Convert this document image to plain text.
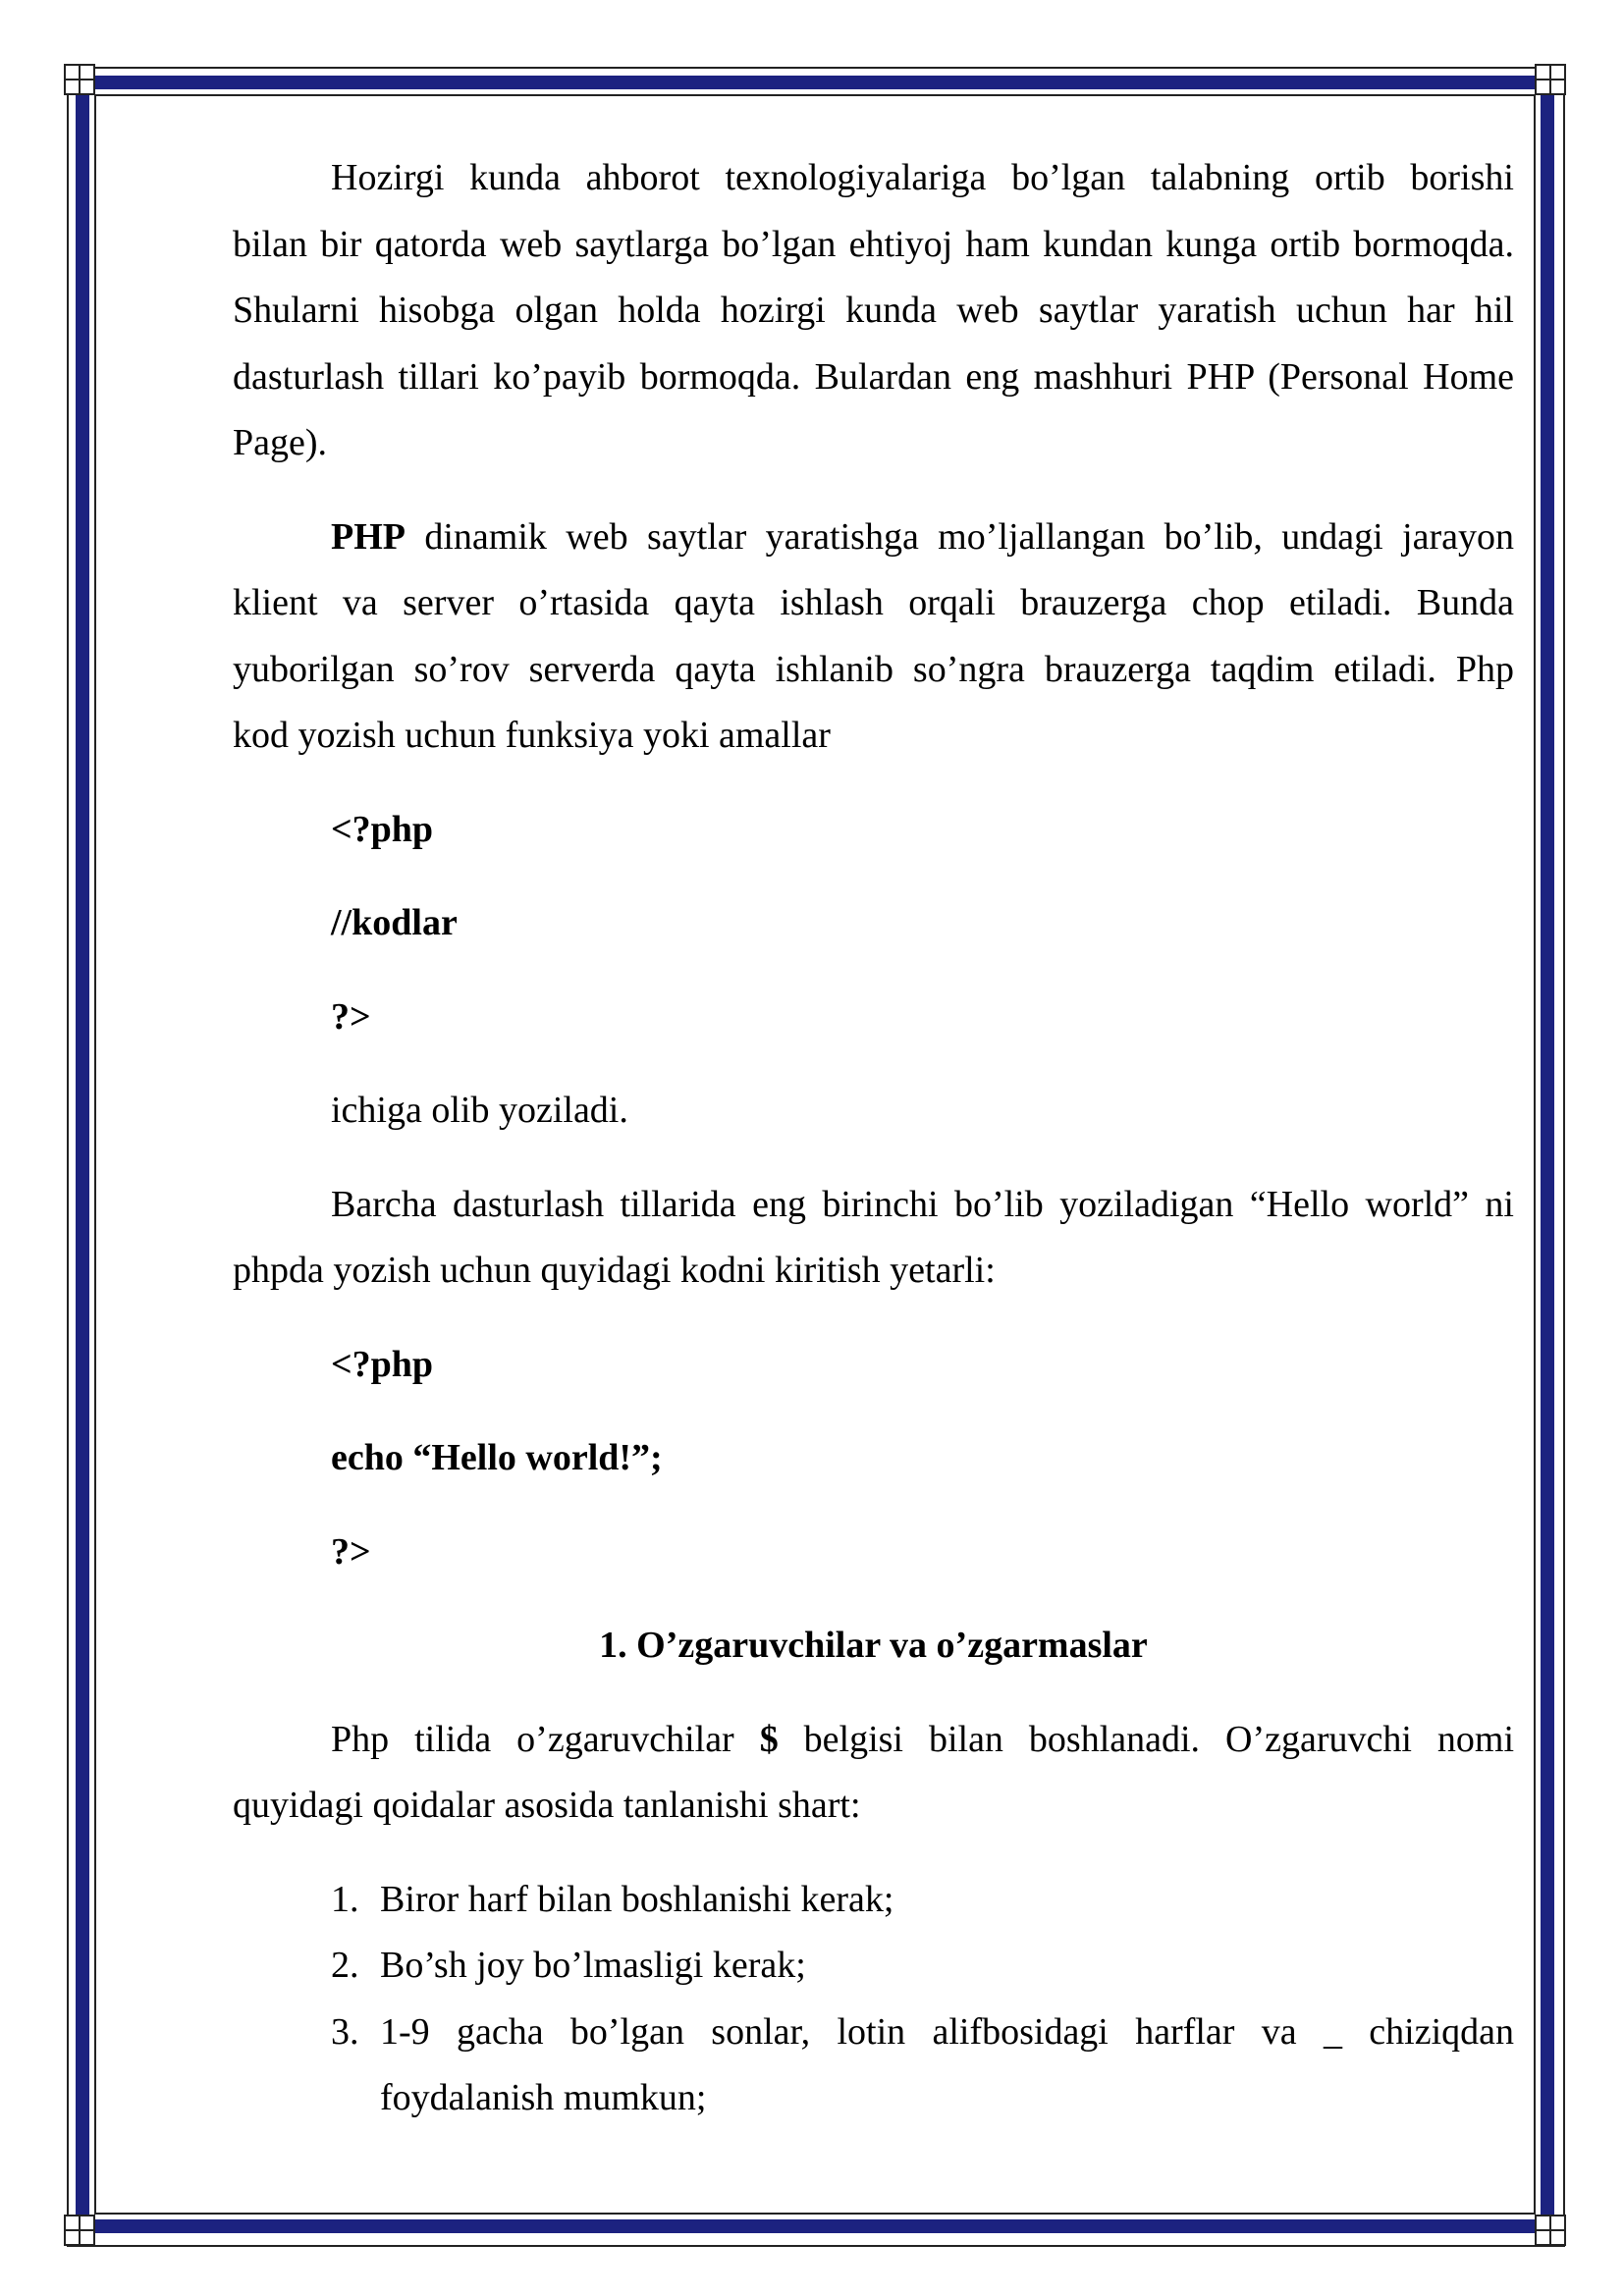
Hozirgi kunda ahborot texnologiyalariga bo’lgan talabning ortib borishi
bilan bir qatorda web saytlarga bo’lgan ehtiyoj ham kundan kunga ortib bormoqda.
Shularni hisobga olgan holda hozirgi kunda web saytlar yaratish uchun har hil
dasturlash tillari ko’payib bormoqda. Bulardan eng mashhuri PHP (Personal Home
Page).
PHP dinamik web saytlar yaratishga mo’ljallangan bo’lib, undagi jarayon
klient va server o’rtasida qayta ishlash orqali brauzerga chop etiladi. Bunda
yuborilgan so’rov serverda qayta ishlanib so’ngra brauzerga taqdim etiladi. Php
kod yozish uchun funksiya yoki amallar
<?php
//kodlar
?>
ichiga olib yoziladi.
Barcha dasturlash tillarida eng birinchi bo’lib yoziladigan “Hello world” ni
phpda yozish uchun quyidagi kodni kiritish yetarli:
<?php
echo “Hello world!”;
?>
1. O’zgaruvchilar va o’zgarmaslar
Php tilida o’zgaruvchilar $ belgisi bilan boshlanadi. O’zgaruvchi nomi
quyidagi qoidalar asosida tanlanishi shart:
1. Biror harf bilan boshlanishi kerak;
2. Bo’sh joy bo’lmasligi kerak;
3. 1-9 gacha bo’lgan sonlar, lotin alifbosidagi harflar va _ chiziqdan
foydalanish mumkun;
